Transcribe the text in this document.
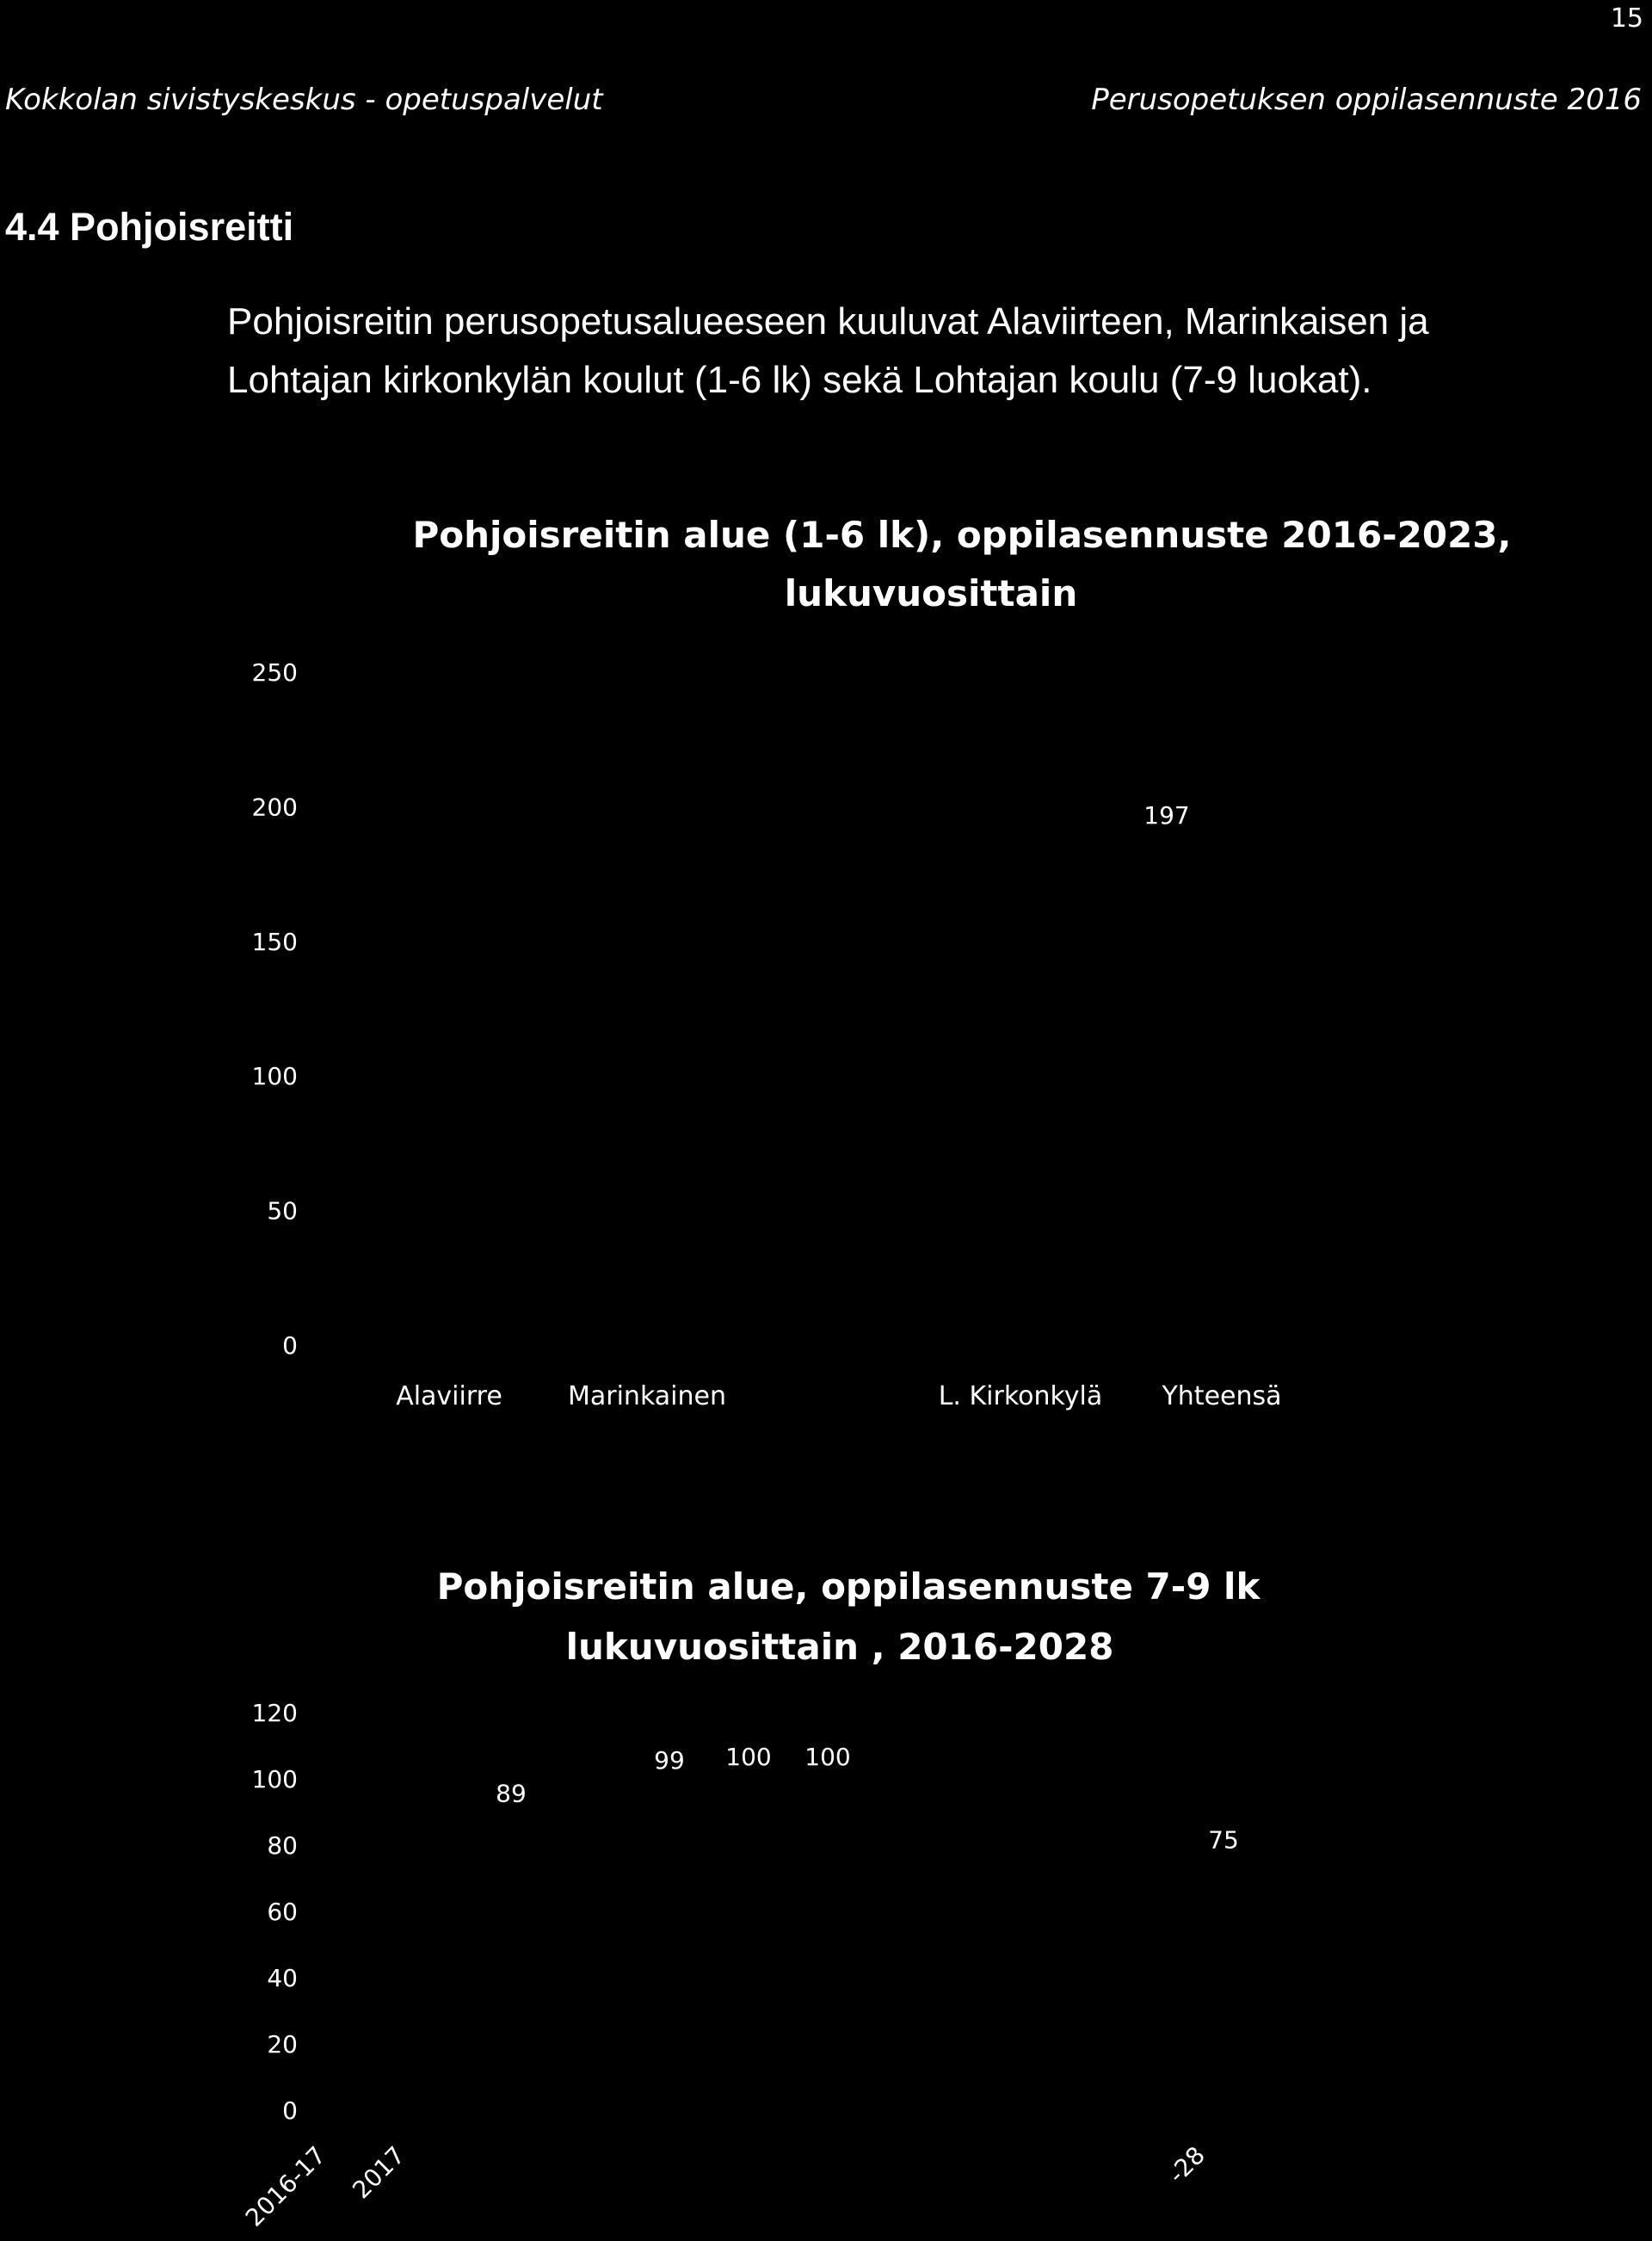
15
Kokkolan sivistyskeskus - opetuspalvelut	Perusopetuksen oppilasennuste 2016
4.4 Pohjoisreitti

Pohjoisreitin perusopetusalueeseen kuuluvat Alaviirteen, Marinkaisen ja

Lohtajan kirkonkylän koulut (1-6 lk) sekä Lohtajan koulu (7-9 luokat).

Pohjoisreitin alue (1-6 lk), oppilasennuste 2016-2023,
lukuvuosittain
0
50
100
150
200
250
Alaviirre	Marinkainen	L. Kirkonkylä Yhteensä
197
Pohjoisreitin alue, oppilasennuste 7-9 lk
lukuvuosittain , 2016-2028
0
20
40
60
80
100
120
2016-17 2017	-28
89
99 100 100
75
